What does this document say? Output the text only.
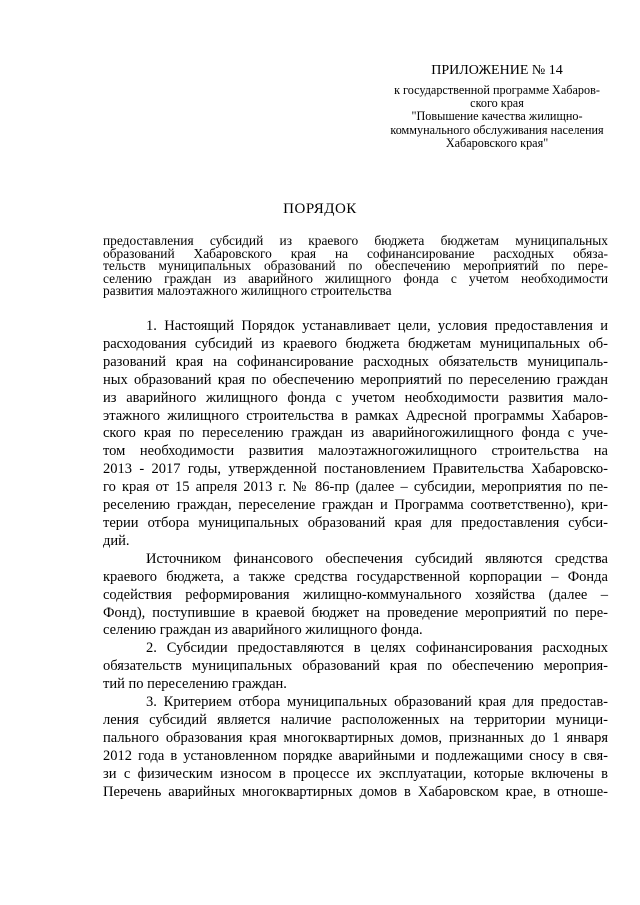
ПРИЛОЖЕНИЕ № 14
к государственной программе Хабаров-
ского края
"Повышение качества жилищно-
коммунального обслуживания населения
Хабаровского края"
ПОРЯДОК
предоставления субсидий из краевого бюджета бюджетам муниципальных
образований Хабаровского края на софинансирование расходных обяза-
тельств муниципальных образований по обеспечению мероприятий по пере-
селению граждан из аварийного жилищного фонда с учетом необходимости
развития малоэтажного жилищного строительства
1. Настоящий Порядок устанавливает цели, условия предоставления и
расходования субсидий из краевого бюджета бюджетам муниципальных об-
разований края на софинансирование расходных обязательств муниципаль-
ных образований края по обеспечению мероприятий по переселению граждан
из аварийного жилищного фонда с учетом необходимости развития мало-
этажного жилищного строительства в рамках Адресной программы Хабаров-
ского края по переселению граждан из аварийногожилищного фонда с уче-
том необходимости развития малоэтажногожилищного строительства на
2013 - 2017 годы, утвержденной постановлением Правительства Хабаровско-
го края от 15 апреля 2013 г. № 86-пр (далее – субсидии, мероприятия по пе-
реселению граждан, переселение граждан и Программа соответственно), кри-
терии отбора муниципальных образований края для предоставления субси-
дий.
Источником финансового обеспечения субсидий являются средства
краевого бюджета, а также средства государственной корпорации – Фонда
содействия реформирования жилищно-коммунального хозяйства (далее –
Фонд), поступившие в краевой бюджет на проведение мероприятий по пере-
селению граждан из аварийного жилищного фонда.
2. Субсидии предоставляются в целях софинансирования расходных
обязательств муниципальных образований края по обеспечению мероприя-
тий по переселению граждан.
3. Критерием отбора муниципальных образований края для предостав-
ления субсидий является наличие расположенных на территории муници-
пального образования края многоквартирных домов, признанных до 1 января
2012 года в установленном порядке аварийными и подлежащими сносу в свя-
зи с физическим износом в процессе их эксплуатации, которые включены в
Перечень аварийных многоквартирных домов в Хабаровском крае, в отноше-
